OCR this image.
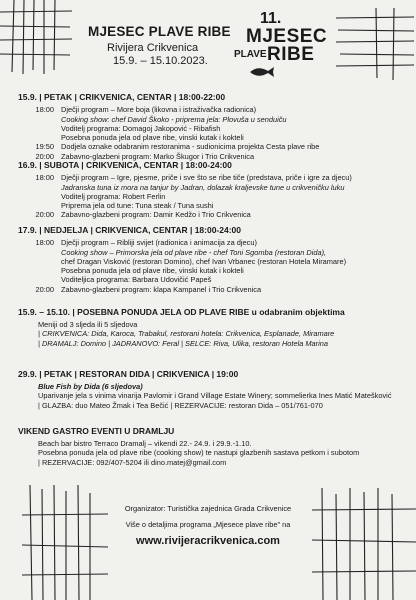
MJESEC PLAVE RIBE
Rivijera Crikvenica
15.9. – 15.10.2023.
11.
MJESEC
PLAVE RIBE
15.9. | PETAK | CRIKVENICA, CENTAR | 18:00-22:00
18:00 Dječji program – More boja (likovna i istraživačka radionica)
Cooking show: chef David Škoko - priprema jela: Plovuša u senduiču
Voditelj programa: Domagoj Jakopović - Ribafish
Posebna ponuda jela od plave ribe, vinski kutak i kokteli
19:50 Dodjela oznake odabranim restoranima - sudionicima projekta Cesta plave ribe
20:00 Zabavno-glazbeni program: Marko Škugor i Trio Crikvenica
16.9. | SUBOTA | CRIKVENICA, CENTAR | 18:00-24:00
18:00 Dječji program – Igre, pjesme, priče i sve što se ribe tiče (predstava, priče i igre za djecu)
Jadranska tuna iz mora na tanjur by Jadran, dolazak kraljevske tune u crikveničku luku
Voditelj programa: Robert Ferlin
Priprema jela od tune: Tuna steak / Tuna sushi
20:00 Zabavno-glazbeni program: Damir Kedžo i Trio Crikvenica
17.9. | NEDJELJA | CRIKVENICA, CENTAR | 18:00-24:00
18:00 Dječji program – Ribliji svijet (radionica i animacija za djecu)
Cooking show – Primorska jela od plave ribe - chef Toni Sgomba (restoran Dida),
chef Dragan Visković (restoran Domino), chef Ivan Vrbanec (restoran Hotela Miramare)
Posebna ponuda jela od plave ribe, vinski kutak i kokteli
Voditeljica programa: Barbara Udovičić Papeš
20:00 Zabavno-glazbeni program: klapa Kampanel i Trio Crikvenica
15.9. – 15.10. | POSEBNA PONUDA JELA OD PLAVE RIBE u odabranim objektima
Meniji od 3 sljeda ili 5 sljedova
| CRIKVENICA: Dida, Karoca, Trabakul, restorani hotela: Crikvenica, Esplanade, Miramare
| DRAMALJ: Domino | JADRANOVO: Feral | SELCE: Riva, Ulika, restoran Hotela Marina
29.9. | PETAK | RESTORAN DIDA | CRIKVENICA | 19:00
Blue Fish by Dida (6 sljedova)
Uparivanje jela s vinima vinarija Pavlomir i Grand Village Estate Winery; sommelierka Ines Matić Matešković
| GLAZBA: duo Mateo Žmak i Tea Bečić | REZERVACIJE: restoran Dida – 051/761-070
VIKEND GASTRO EVENTI U DRAMLJU
Beach bar bistro Terraco Dramalj – vikendi 22.- 24.9. i 29.9.-1.10.
Posebna ponuda jela od plave ribe (cooking show) te nastupi glazbenih sastava petkom i subotom
| REZERVACIJE: 092/407-5204 ili dino.matej@gmail.com
Organizator: Turistička zajednica Grada Crikvenice
Više o detaljima programa „Mjesece plave ribe" na
www.rivijeracrikvenica.com
